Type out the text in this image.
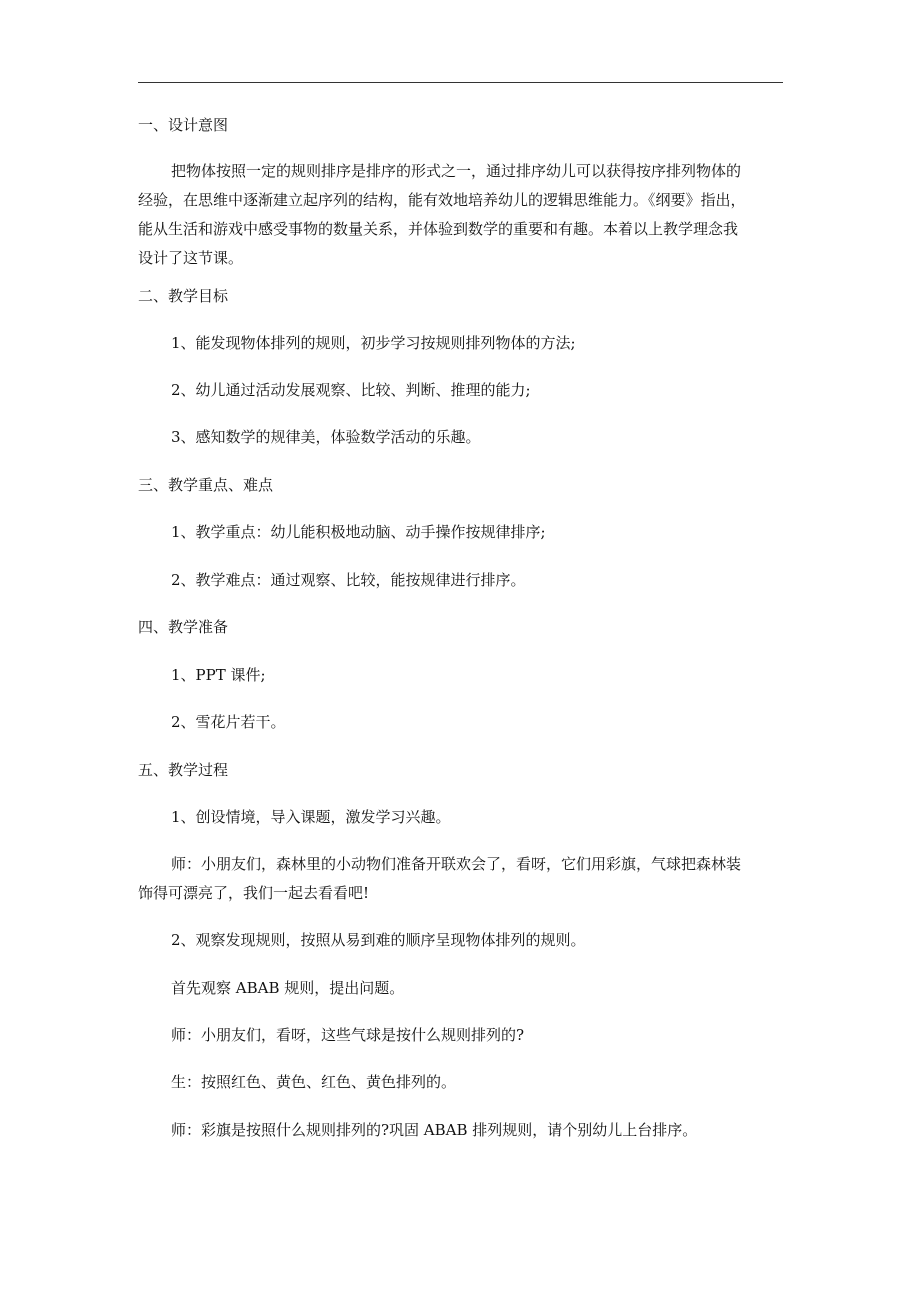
一、设计意图
把物体按照一定的规则排序是排序的形式之一，通过排序幼儿可以获得按序排列物体的
经验，在思维中逐渐建立起序列的结构，能有效地培养幼儿的逻辑思维能力。《纲要》指出，
能从生活和游戏中感受事物的数量关系，并体验到数学的重要和有趣。本着以上教学理念我
设计了这节课。
二、教学目标
1、能发现物体排列的规则，初步学习按规则排列物体的方法;
2、幼儿通过活动发展观察、比较、判断、推理的能力;
3、感知数学的规律美，体验数学活动的乐趣。
三、教学重点、难点
1、教学重点：幼儿能积极地动脑、动手操作按规律排序;
2、教学难点：通过观察、比较，能按规律进行排序。
四、教学准备
1、PPT 课件;
2、雪花片若干。
五、教学过程
1、创设情境，导入课题，激发学习兴趣。
师：小朋友们，森林里的小动物们准备开联欢会了，看呀，它们用彩旗，气球把森林装
饰得可漂亮了，我们一起去看看吧!
2、观察发现规则，按照从易到难的顺序呈现物体排列的规则。
首先观察 ABAB 规则，提出问题。
师：小朋友们，看呀，这些气球是按什么规则排列的?
生：按照红色、黄色、红色、黄色排列的。
师：彩旗是按照什么规则排列的?巩固 ABAB 排列规则，请个别幼儿上台排序。
